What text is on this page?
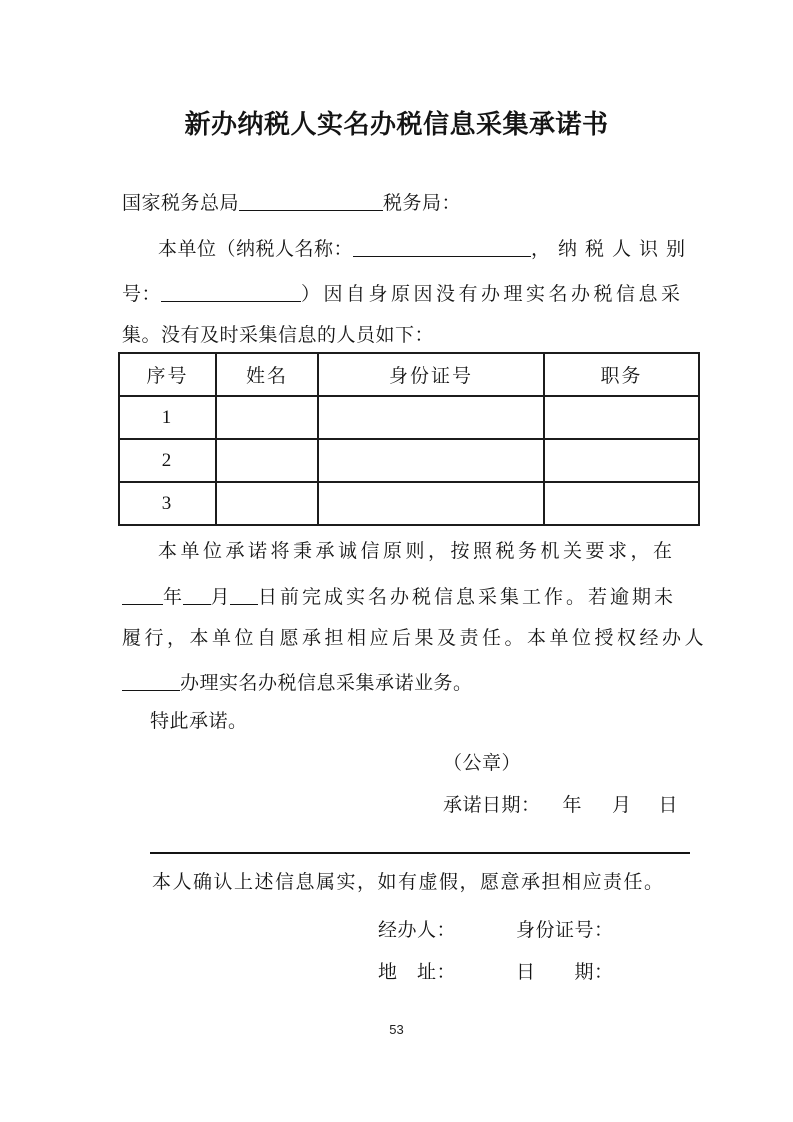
新办纳税人实名办税信息采集承诺书
国家税务总局	税务局：
本单位（纳税人名称：	，纳税人识别
号：	）因自身原因没有办理实名办税信息采
集。没有及时采集信息的人员如下：
序号	姓名	身份证号	职务
1			
2			
3			
本单位承诺将秉承诚信原则，按照税务机关要求，在
年 月 日前完成实名办税信息采集工作。若逾期未
履行，本单位自愿承担相应后果及责任。本单位授权经办人
办理实名办税信息采集承诺业务。
特此承诺。
（公章）
承诺日期： 年 月 日
本人确认上述信息属实，如有虚假，愿意承担相应责任。
经办人：	身份证号：
地　址：	日　　期：
53
